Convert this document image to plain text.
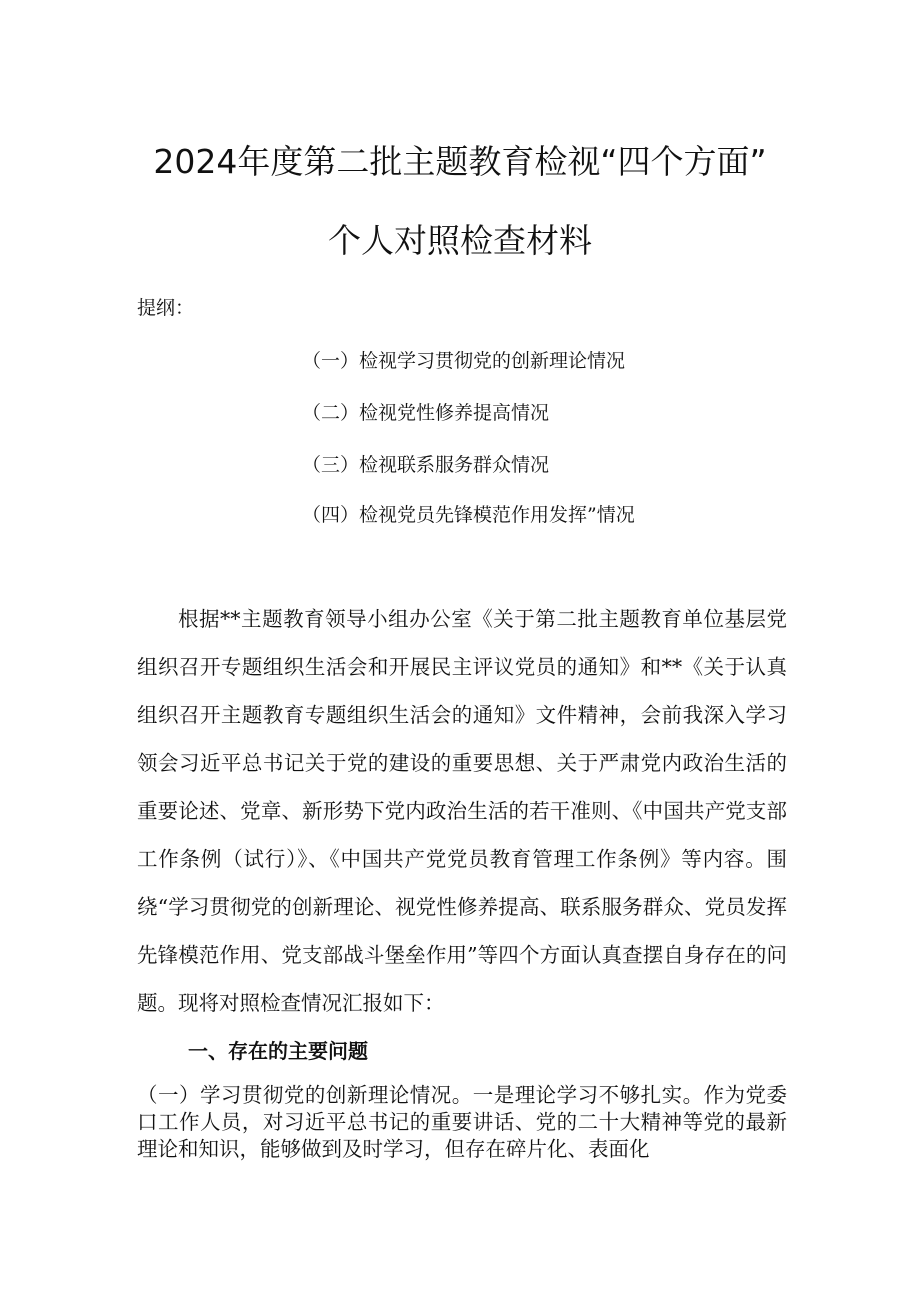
2024年度第二批主题教育检视“四个方面”
个人对照检查材料
提纲：
（一）检视学习贯彻党的创新理论情况
（二）检视党性修养提高情况
（三）检视联系服务群众情况
（四）检视党员先锋模范作用发挥”情况
根据**主题教育领导小组办公室《关于第二批主题教育单位基层党组织召开专题组织生活会和开展民主评议党员的通知》和**《关于认真组织召开主题教育专题组织生活会的通知》文件精神，会前我深入学习领会习近平总书记关于党的建设的重要思想、关于严肃党内政治生活的重要论述、党章、新形势下党内政治生活的若干准则、《中国共产党支部工作条例（试行）》、《中国共产党党员教育管理工作条例》等内容。围绕“学习贯彻党的创新理论、视党性修养提高、联系服务群众、党员发挥先锋模范作用、党支部战斗堡垒作用”等四个方面认真查摆自身存在的问题。现将对照检查情况汇报如下：
一、存在的主要问题
（一）学习贯彻党的创新理论情况。一是理论学习不够扎实。作为党委口工作人员，对习近平总书记的重要讲话、党的二十大精神等党的最新理论和知识，能够做到及时学习，但存在碎片化、表面化
